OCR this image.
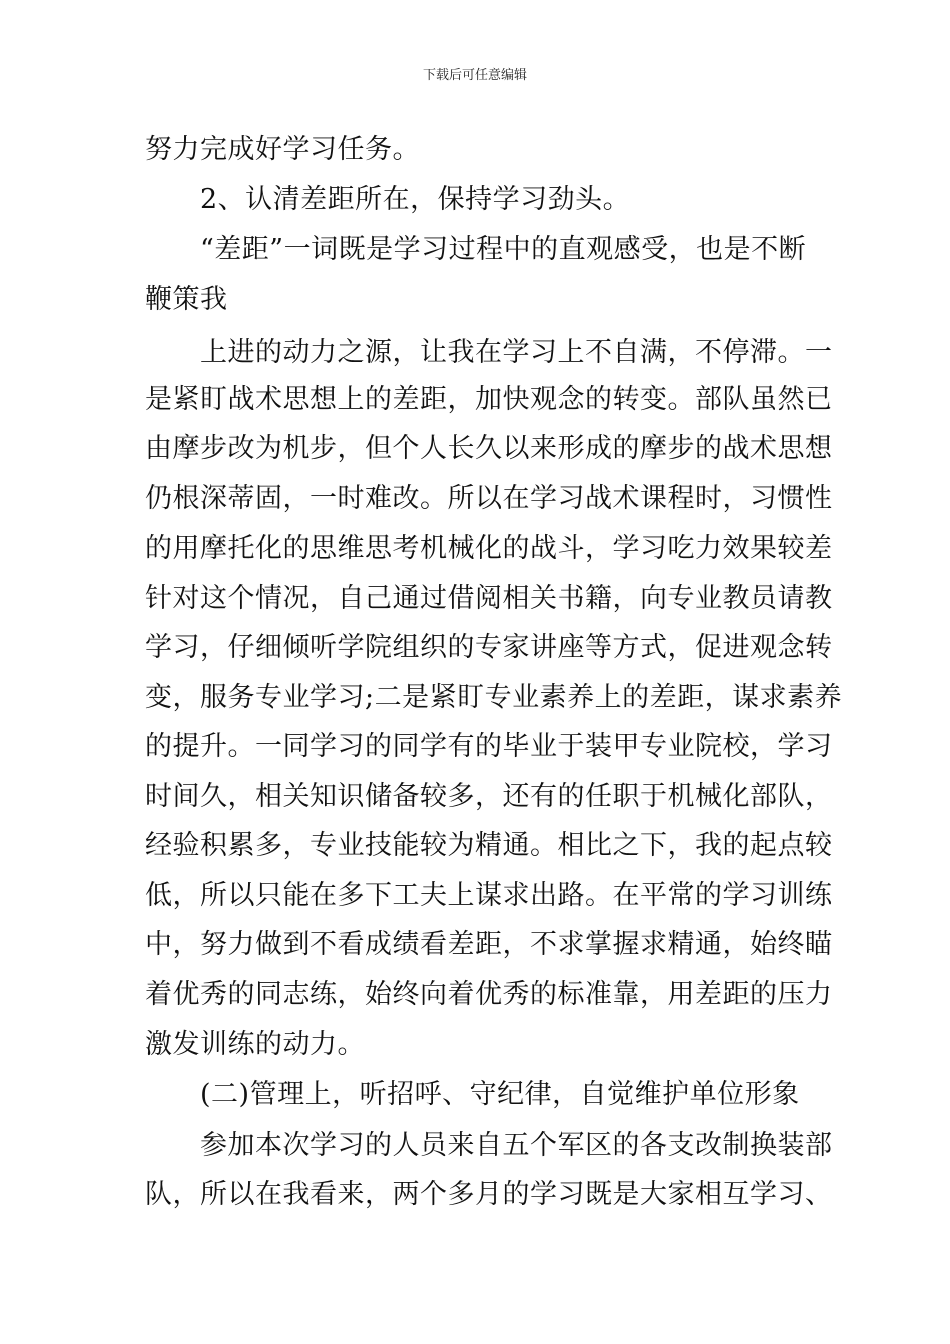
下载后可任意编辑
努力完成好学习任务。
2、认清差距所在，保持学习劲头。
“差距”一词既是学习过程中的直观感受，也是不断
鞭策我
上进的动力之源，让我在学习上不自满，不停滞。一
是紧盯战术思想上的差距，加快观念的转变。部队虽然已
由摩步改为机步，但个人长久以来形成的摩步的战术思想
仍根深蒂固，一时难改。所以在学习战术课程时，习惯性
的用摩托化的思维思考机械化的战斗，学习吃力效果较差
针对这个情况，自己通过借阅相关书籍，向专业教员请教
学习，仔细倾听学院组织的专家讲座等方式，促进观念转
变，服务专业学习;二是紧盯专业素养上的差距，谋求素养
的提升。一同学习的同学有的毕业于装甲专业院校，学习
时间久，相关知识储备较多，还有的任职于机械化部队，
经验积累多，专业技能较为精通。相比之下，我的起点较
低，所以只能在多下工夫上谋求出路。在平常的学习训练
中，努力做到不看成绩看差距，不求掌握求精通，始终瞄
着优秀的同志练，始终向着优秀的标准靠，用差距的压力
激发训练的动力。
(二)管理上，听招呼、守纪律，自觉维护单位形象
参加本次学习的人员来自五个军区的各支改制换装部
队，所以在我看来，两个多月的学习既是大家相互学习、
